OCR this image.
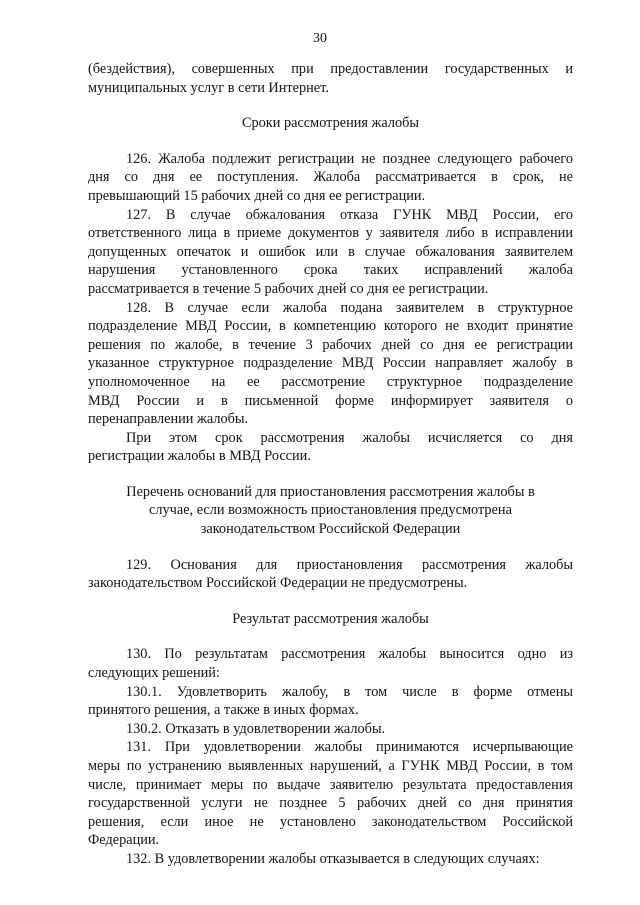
30

(бездействия), совершенных при предоставлении государственных и

муниципальных услуг в сети Интернет.

Сроки рассмотрения жалобы

126. Жалоба подлежит регистрации не позднее следующего рабочего

дня со дня ее поступления. Жалоба рассматривается в срок, не

превышающий 15 рабочих дней со дня ее регистрации.

127. В случае обжалования отказа ГУНК МВД России, его

ответственного лица в приеме документов у заявителя либо в исправлении

допущенных опечаток и ошибок или в случае обжалования заявителем

нарушения установленного срока таких исправлений жалоба

рассматривается в течение 5 рабочих дней со дня ее регистрации.

128. В случае если жалоба подана заявителем в структурное

подразделение МВД России, в компетенцию которого не входит принятие

решения по жалобе, в течение 3 рабочих дней со дня ее регистрации

указанное структурное подразделение МВД России направляет жалобу в

уполномоченное на ее рассмотрение структурное подразделение

МВД России и в письменной форме информирует заявителя о

перенаправлении жалобы.

При этом срок рассмотрения жалобы исчисляется со дня

регистрации жалобы в МВД России.

Перечень оснований для приостановления рассмотрения жалобы в

случае, если возможность приостановления предусмотрена

законодательством Российской Федерации

129. Основания для приостановления рассмотрения жалобы

законодательством Российской Федерации не предусмотрены.

Результат рассмотрения жалобы

130. По результатам рассмотрения жалобы выносится одно из

следующих решений:

130.1. Удовлетворить жалобу, в том числе в форме отмены

принятого решения, а также в иных формах.

130.2. Отказать в удовлетворении жалобы.

131. При удовлетворении жалобы принимаются исчерпывающие

меры по устранению выявленных нарушений, а ГУНК МВД России, в том

числе, принимает меры по выдаче заявителю результата предоставления

государственной услуги не позднее 5 рабочих дней со дня принятия

решения, если иное не установлено законодательством Российской

Федерации.

132. В удовлетворении жалобы отказывается в следующих случаях:
